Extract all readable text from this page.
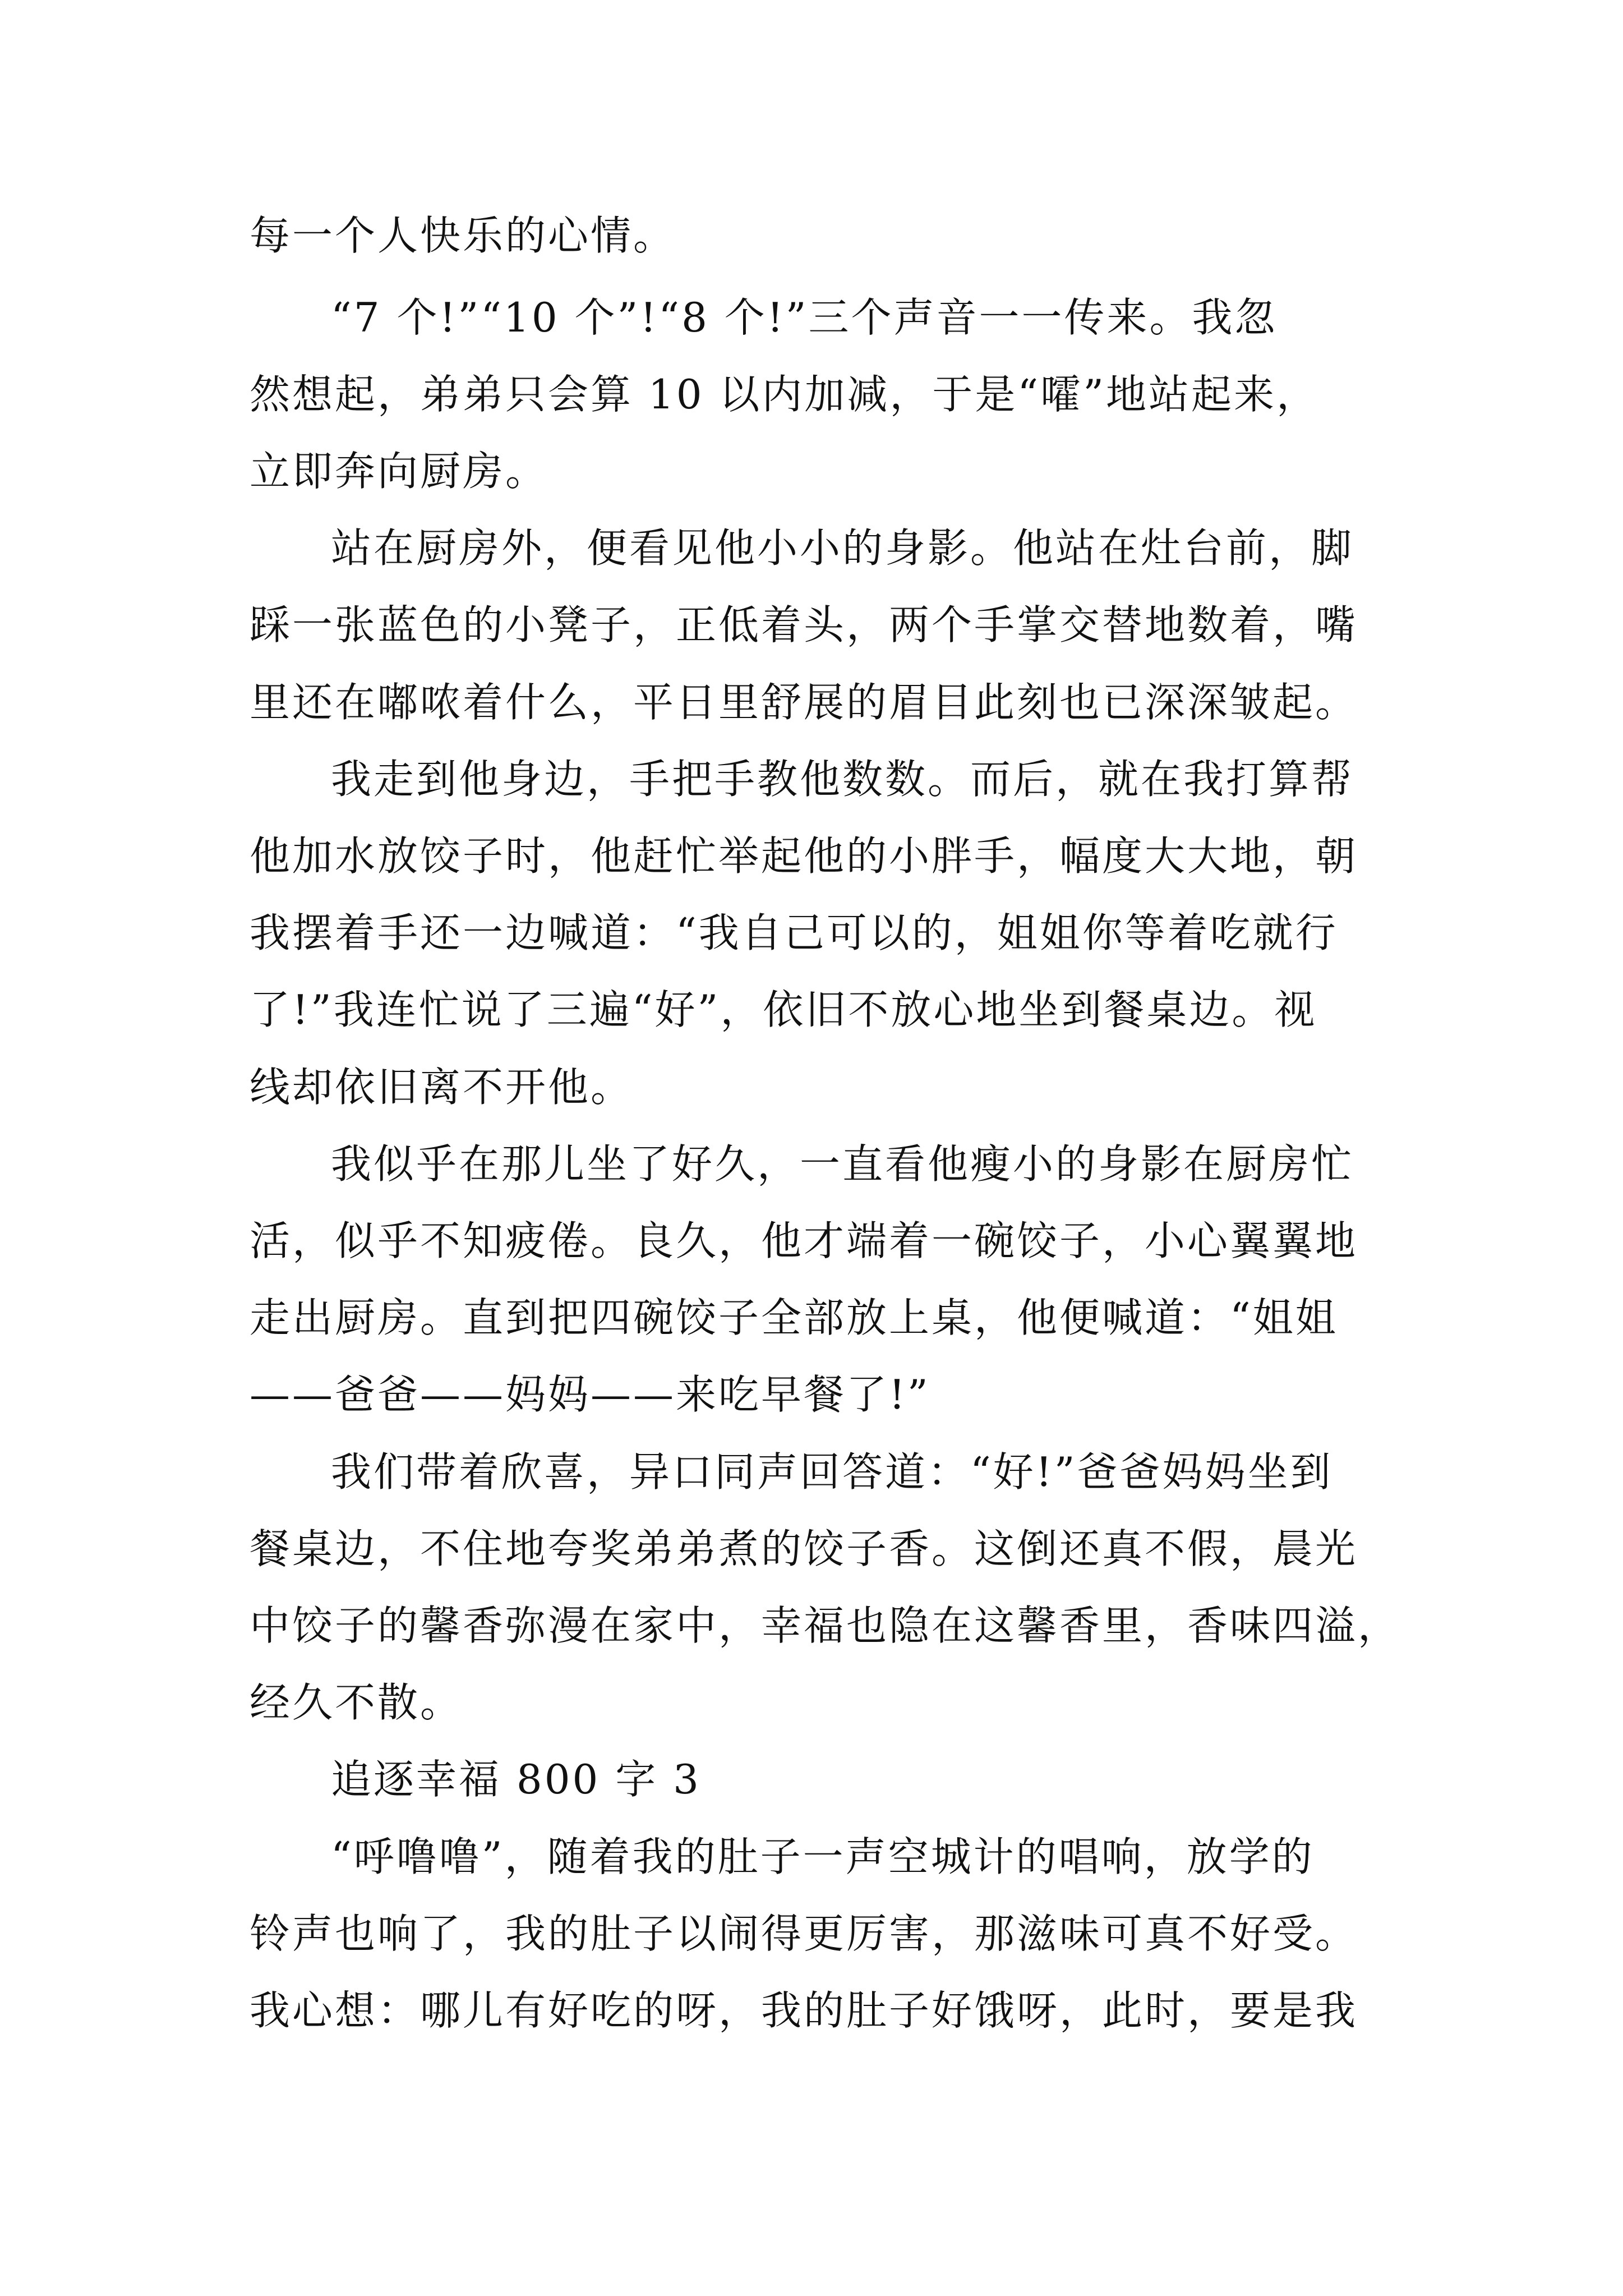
每一个人快乐的心情。
“7 个!”“10 个”!“8 个!”三个声音一一传来。我忽
然想起，弟弟只会算 10 以内加减，于是“嚯”地站起来，
立即奔向厨房。
站在厨房外，便看见他小小的身影。他站在灶台前，脚
踩一张蓝色的小凳子，正低着头，两个手掌交替地数着，嘴
里还在嘟哝着什么，平日里舒展的眉目此刻也已深深皱起。
我走到他身边，手把手教他数数。而后，就在我打算帮
他加水放饺子时，他赶忙举起他的小胖手，幅度大大地，朝
我摆着手还一边喊道：“我自己可以的，姐姐你等着吃就行
了!”我连忙说了三遍“好”，依旧不放心地坐到餐桌边。视
线却依旧离不开他。
我似乎在那儿坐了好久，一直看他瘦小的身影在厨房忙
活，似乎不知疲倦。良久，他才端着一碗饺子，小心翼翼地
走出厨房。直到把四碗饺子全部放上桌，他便喊道：“姐姐
——爸爸——妈妈——来吃早餐了!”
我们带着欣喜，异口同声回答道：“好!”爸爸妈妈坐到
餐桌边，不住地夸奖弟弟煮的饺子香。这倒还真不假，晨光
中饺子的馨香弥漫在家中，幸福也隐在这馨香里，香味四溢，
经久不散。
追逐幸福 800 字 3
“呼噜噜”，随着我的肚子一声空城计的唱响，放学的
铃声也响了，我的肚子以闹得更厉害，那滋味可真不好受。
我心想：哪儿有好吃的呀，我的肚子好饿呀，此时，要是我
